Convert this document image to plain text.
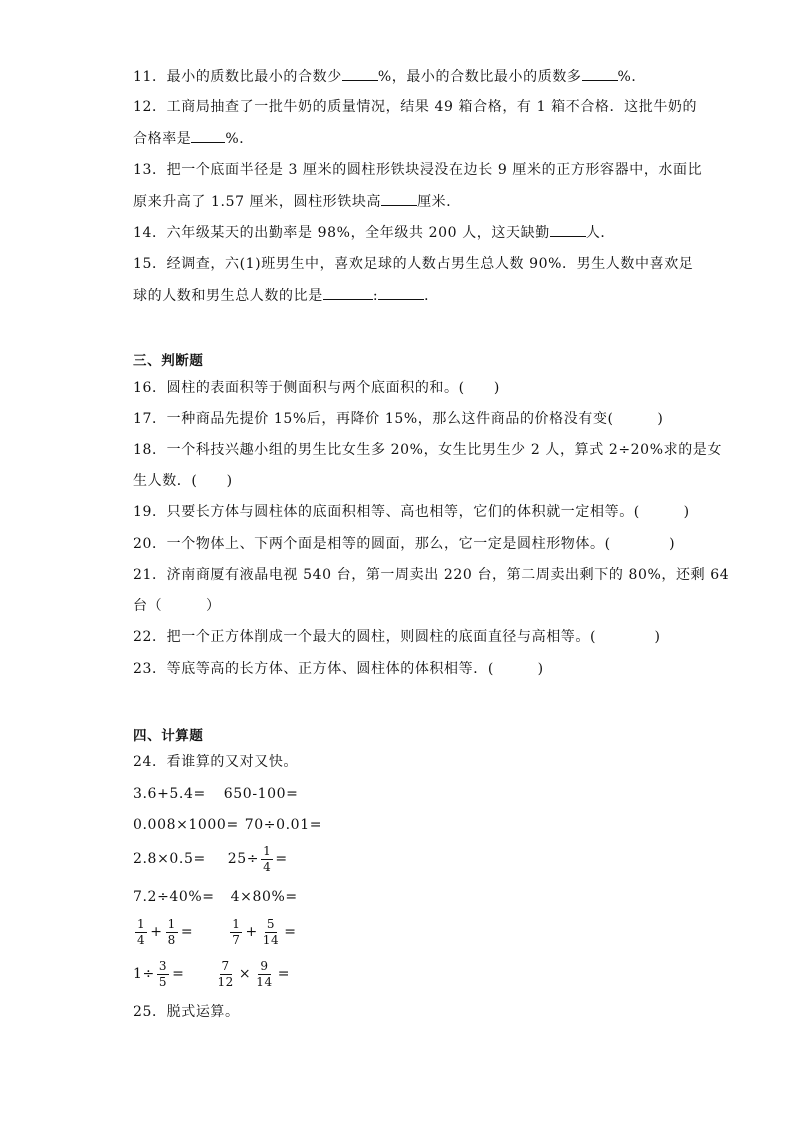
11．最小的质数比最小的合数少	%，最小的合数比最小的质数多	%．
12．工商局抽查了一批牛奶的质量情况，结果 49 箱合格，有 1 箱不合格．这批牛奶的
合格率是 %．
13．把一个底面半径是 3 厘米的圆柱形铁块浸没在边长 9 厘米的正方形容器中，水面比
原来升高了 1.57 厘米，圆柱形铁块高	厘米．
14．六年级某天的出勤率是 98%，全年级共 200 人，这天缺勤	人．
15．经调查，六(1)班男生中，喜欢足球的人数占男生总人数 90%．男生人数中喜欢足
球的人数和男生总人数的比是	:	．
三、判断题
16．圆柱的表面积等于侧面积与两个底面积的和。(　　)
17．一种商品先提价 15%后，再降价 15%，那么这件商品的价格没有变(　　　)
18．一个科技兴趣小组的男生比女生多 20%，女生比男生少 2 人，算式 2÷20%求的是女
生人数．(　　)
19．只要长方体与圆柱体的底面积相等、高也相等，它们的体积就一定相等。(　　　)
20．一个物体上、下两个面是相等的圆面，那么，它一定是圆柱形物体。(　　　　)
21．济南商厦有液晶电视 540 台，第一周卖出 220 台，第二周卖出剩下的 80%，还剩 64
台（　　　）
22．把一个正方体削成一个最大的圆柱，则圆柱的底面直径与高相等。(　　　　)
23．等底等高的长方体、正方体、圆柱体的体积相等．(　　　)
四、计算题
24．看谁算的又对又快。
3.6+5.4= 650-100=
0.008×1000= 70÷0.01=
$2.8\times 0.5= 25\div \frac{1}{4}$ =
7.2÷40%= 4×80%=
$\frac{1}{4} + \frac{1}{8}$ =	$\frac{1}{7} + \frac{5}{14}$ =
$1\div \frac{3}{5}$ =	$\frac{7}{12} \times \frac{9}{14}$ =
25．脱式运算。
